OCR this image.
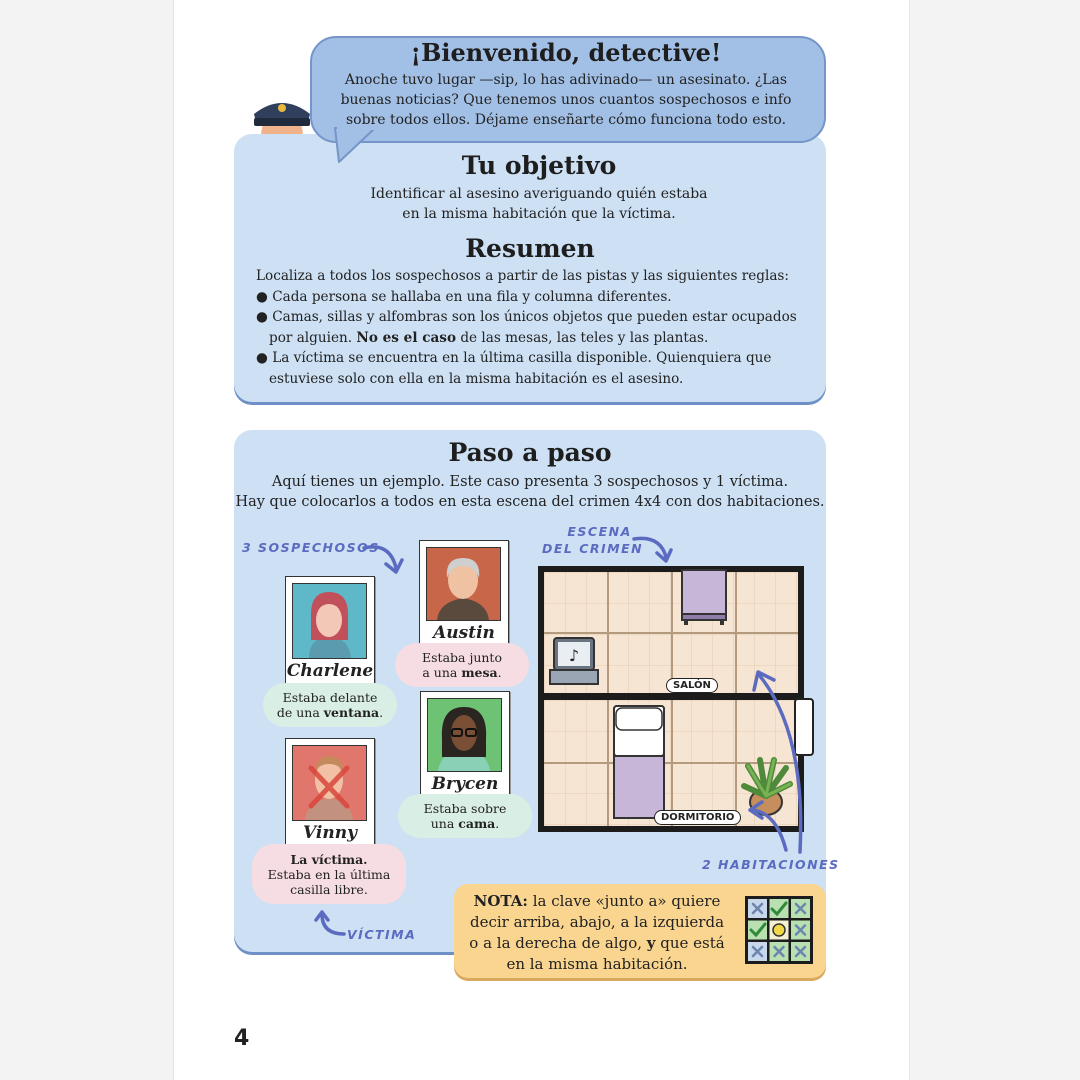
¡Bienvenido, detective!
Anoche tuvo lugar —sip, lo has adivinado— un asesinato. ¿Las
buenas noticias? Que tenemos unos cuantos sospechosos e info
sobre todos ellos. Déjame enseñarte cómo funciona todo esto.
Tu objetivo
Identificar al asesino averiguando quién estaba
en la misma habitación que la víctima.
Resumen
Localiza a todos los sospechosos a partir de las pistas y las siguientes reglas:
● Cada persona se hallaba en una fila y columna diferentes.
● Camas, sillas y alfombras son los únicos objetos que pueden estar ocupados
por alguien. No es el caso de las mesas, las teles y las plantas.
● La víctima se encuentra en la última casilla disponible. Quienquiera que
estuviese solo con ella en la misma habitación es el asesino.
Paso a paso
Aquí tienes un ejemplo. Este caso presenta 3 sospechosos y 1 víctima.
Hay que colocarlos a todos en esta escena del crimen 4x4 con dos habitaciones.
3 SOSPECHOSOS
ESCENA
DEL CRIMEN
Charlene
Estaba delante
de una ventana.
Austin
Estaba junto
a una mesa.
Brycen
Estaba sobre
una cama.
Vinny
La víctima.
Estaba en la última
casilla libre.
VÍCTIMA
♪
SALÓN
DORMITORIO
2 HABITACIONES
NOTA: la clave «junto a» quiere
decir arriba, abajo, a la izquierda
o a la derecha de algo, y que está
en la misma habitación.
4
